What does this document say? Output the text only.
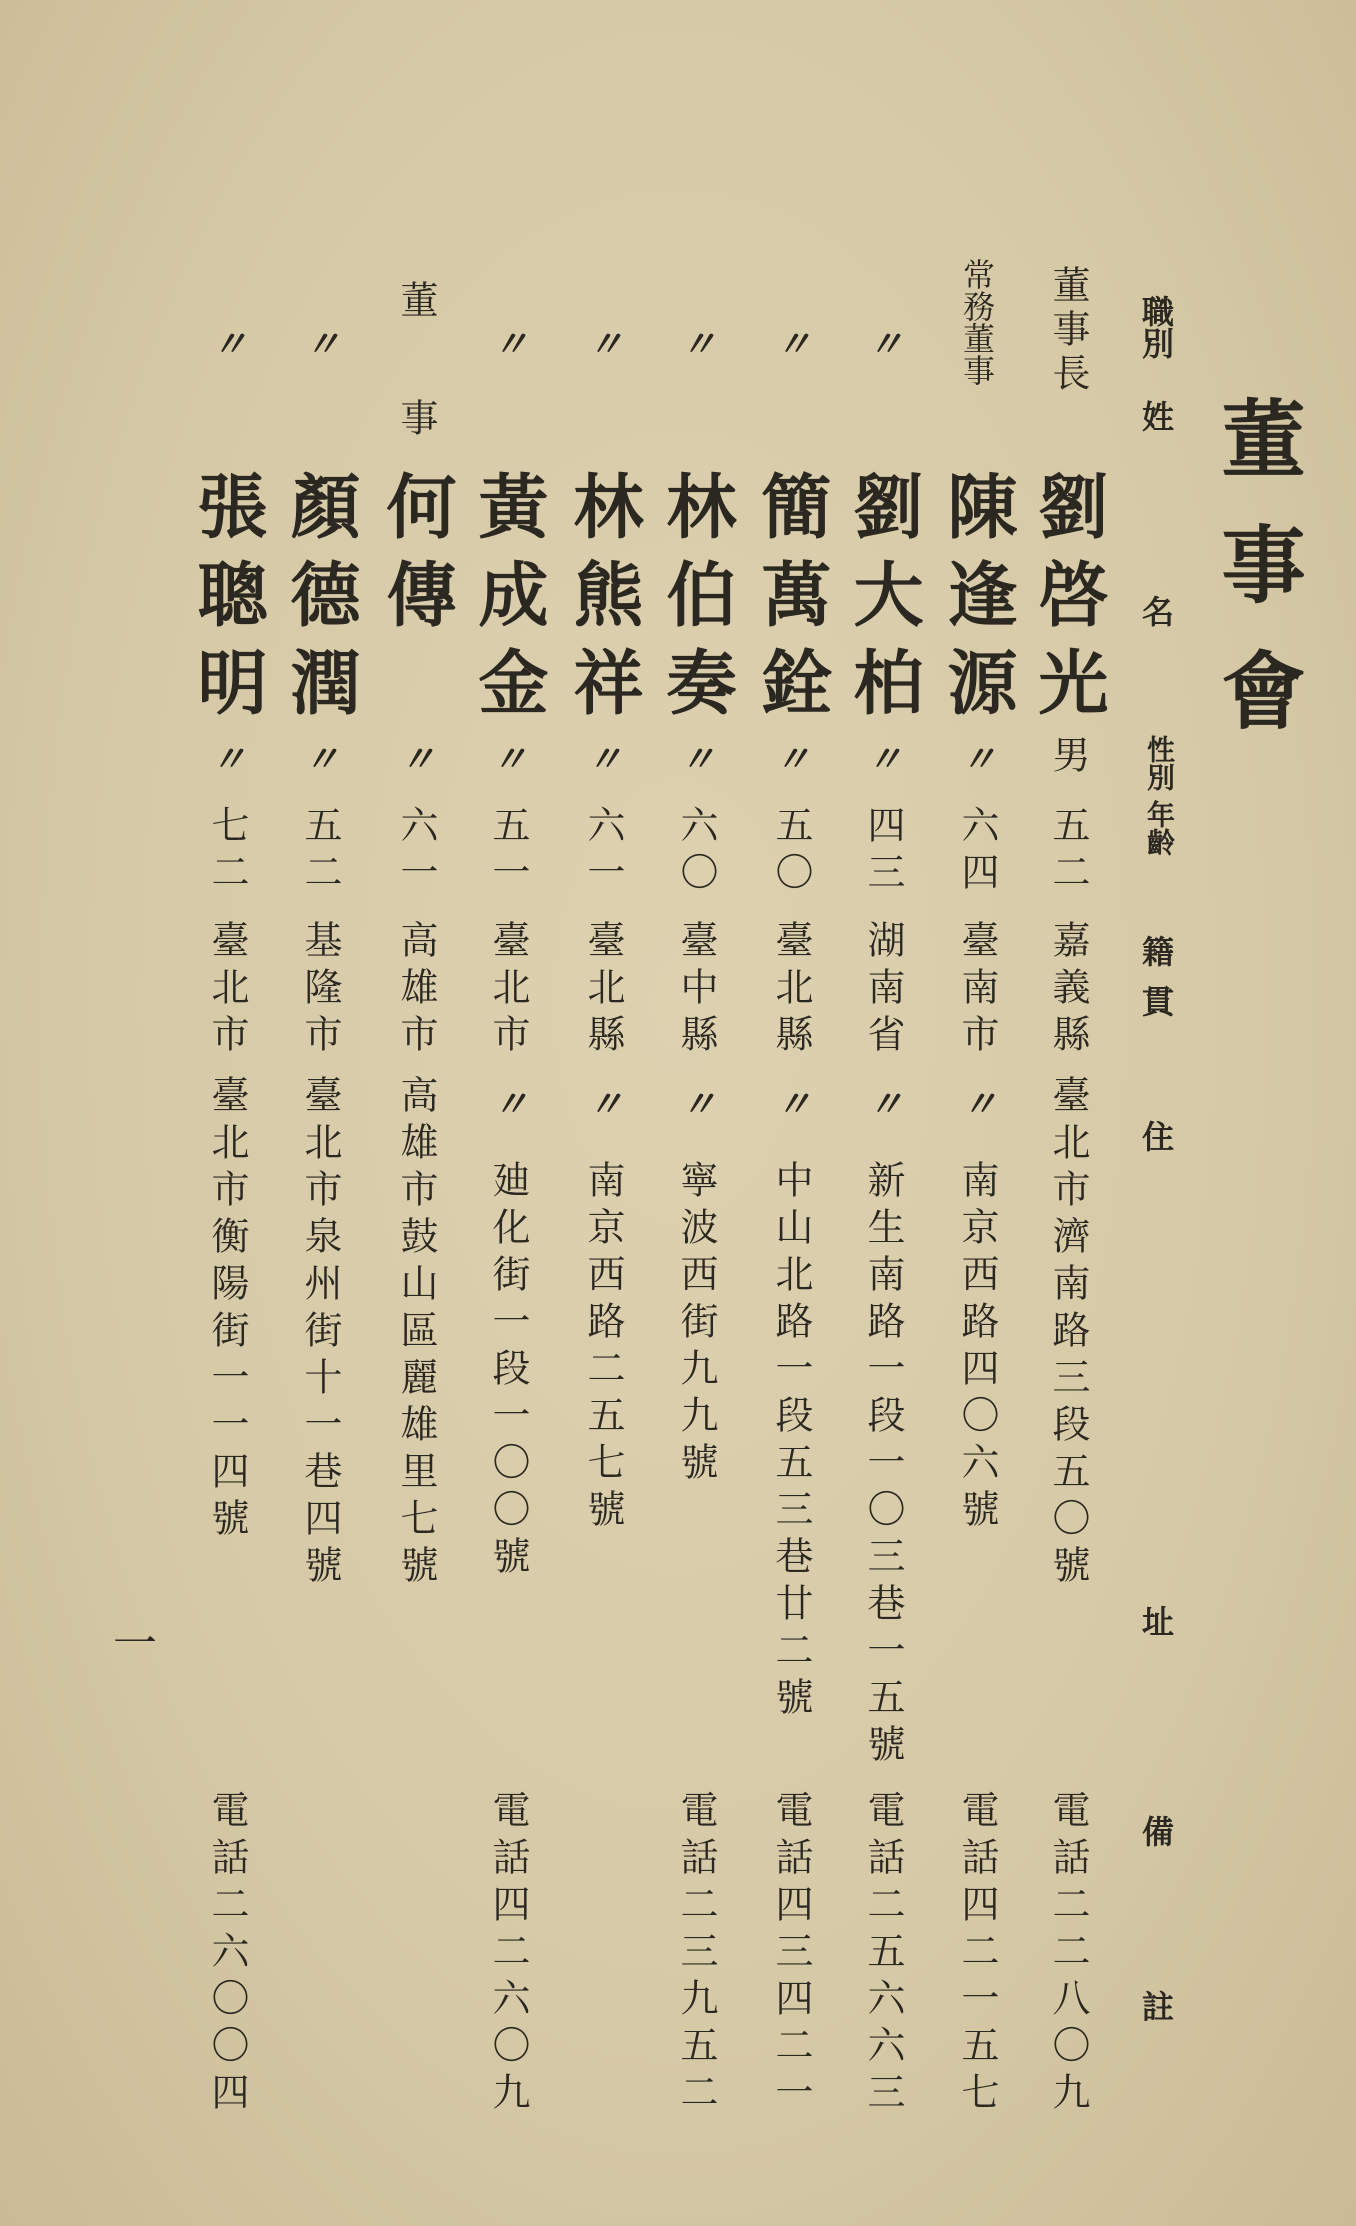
董事會
職別
姓
名
性別
年齡
籍貫
住
址
備
註
董事長
劉啓光
男
五二
嘉義縣
臺北市濟南路三段五〇號
電話二二八〇九
常務董事
陳逢源
〃
六四
臺南市
〃
南京西路四〇六號
電話四二一五七
〃
劉大柏
〃
四三
湖南省
〃
新生南路一段一〇三巷一五號
電話二五六六三
〃
簡萬銓
〃
五〇
臺北縣
〃
中山北路一段五三巷廿二號
電話四三四二一
〃
林伯奏
〃
六〇
臺中縣
〃
寧波西街九九號
電話二三九五二
〃
林熊祥
〃
六一
臺北縣
〃
南京西路二五七號
〃
黃成金
〃
五一
臺北市
〃
廸化街一段一〇〇號
電話四二六〇九
董事
何傳
〃
六一
高雄市
高雄市鼓山區麗雄里七號
〃
顏德潤
〃
五二
基隆市
臺北市泉州街十一巷四號
〃
張聰明
〃
七二
臺北市
臺北市衡陽街一一四號
電話二六〇〇四
一
